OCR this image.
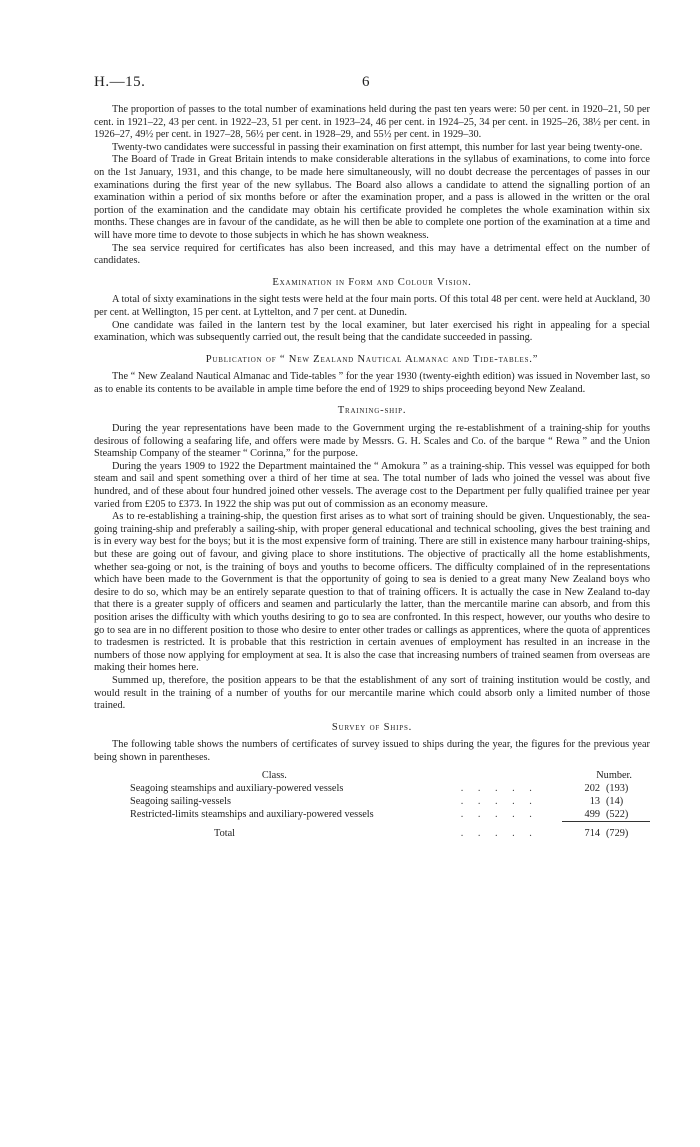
H.—15.	6

The proportion of passes to the total number of examinations held during the past ten years were: 50 per cent. in 1920–21, 50 per cent. in 1921–22, 43 per cent. in 1922–23, 51 per cent. in 1923–24, 46 per cent. in 1924–25, 34 per cent. in 1925–26, 38½ per cent. in 1926–27, 49½ per cent. in 1927–28, 56½ per cent. in 1928–29, and 55½ per cent. in 1929–30.

Twenty-two candidates were successful in passing their examination on first attempt, this number for last year being twenty-one.

The Board of Trade in Great Britain intends to make considerable alterations in the syllabus of examinations, to come into force on the 1st January, 1931, and this change, to be made here simultaneously, will no doubt decrease the percentages of passes in our examinations during the first year of the new syllabus. The Board also allows a candidate to attend the signalling portion of an examination within a period of six months before or after the examination proper, and a pass is allowed in the written or the oral portion of the examination and the candidate may obtain his certificate provided he completes the whole examination within six months. These changes are in favour of the candidate, as he will then be able to complete one portion of the examination at a time and will have more time to devote to those subjects in which he has shown weakness.

The sea service required for certificates has also been increased, and this may have a detrimental effect on the number of candidates.

Examination in Form and Colour Vision.

A total of sixty examinations in the sight tests were held at the four main ports. Of this total 48 per cent. were held at Auckland, 30 per cent. at Wellington, 15 per cent. at Lyttelton, and 7 per cent. at Dunedin.

One candidate was failed in the lantern test by the local examiner, but later exercised his right in appealing for a special examination, which was subsequently carried out, the result being that the candidate succeeded in passing.

Publication of “ New Zealand Nautical Almanac and Tide-tables.”

The “ New Zealand Nautical Almanac and Tide-tables ” for the year 1930 (twenty-eighth edition) was issued in November last, so as to enable its contents to be available in ample time before the end of 1929 to ships proceeding beyond New Zealand.

Training-ship.

During the year representations have been made to the Government urging the re-establishment of a training-ship for youths desirous of following a seafaring life, and offers were made by Messrs. G. H. Scales and Co. of the barque “ Rewa ” and the Union Steamship Company of the steamer “ Corinna,” for the purpose.

During the years 1909 to 1922 the Department maintained the “ Amokura ” as a training-ship. This vessel was equipped for both steam and sail and spent something over a third of her time at sea. The total number of lads who joined the vessel was about five hundred, and of these about four hundred joined other vessels. The average cost to the Department per fully qualified trainee per year varied from £205 to £373. In 1922 the ship was put out of commission as an economy measure.

As to re-establishing a training-ship, the question first arises as to what sort of training should be given. Unquestionably, the sea-going training-ship and preferably a sailing-ship, with proper general educational and technical schooling, gives the best training and is in every way best for the boys; but it is the most expensive form of training. There are still in existence many harbour training-ships, but these are going out of favour, and giving place to shore institutions. The objective of practically all the home establishments, whether sea-going or not, is the training of boys and youths to become officers. The difficulty complained of in the representations which have been made to the Government is that the opportunity of going to sea is denied to a great many New Zealand boys who desire to do so, which may be an entirely separate question to that of training officers. It is actually the case in New Zealand to-day that there is a greater supply of officers and seamen and particularly the latter, than the mercantile marine can absorb, and from this position arises the difficulty with which youths desiring to go to sea are confronted. In this respect, however, our youths who desire to go to sea are in no different position to those who desire to enter other trades or callings as apprentices, where the quota of apprentices to tradesmen is restricted. It is probable that this restriction in certain avenues of employment has resulted in an increase in the numbers of those now applying for employment at sea. It is also the case that increasing numbers of trained seamen from overseas are making their homes here.

Summed up, therefore, the position appears to be that the establishment of any sort of training institution would be costly, and would result in the training of a number of youths for our mercantile marine which could absorb only a limited number of those trained.

Survey of Ships.

The following table shows the numbers of certificates of survey issued to ships during the year, the figures for the previous year being shown in parentheses.

Class.		Number.	
Seagoing steamships and auxiliary-powered vessels	. . . . .	202	(193)
Seagoing sailing-vessels	. . . . .	13	(14)
Restricted-limits steamships and auxiliary-powered vessels	. . . . .	499	(522)

Total	. . . . .	714	(729)
